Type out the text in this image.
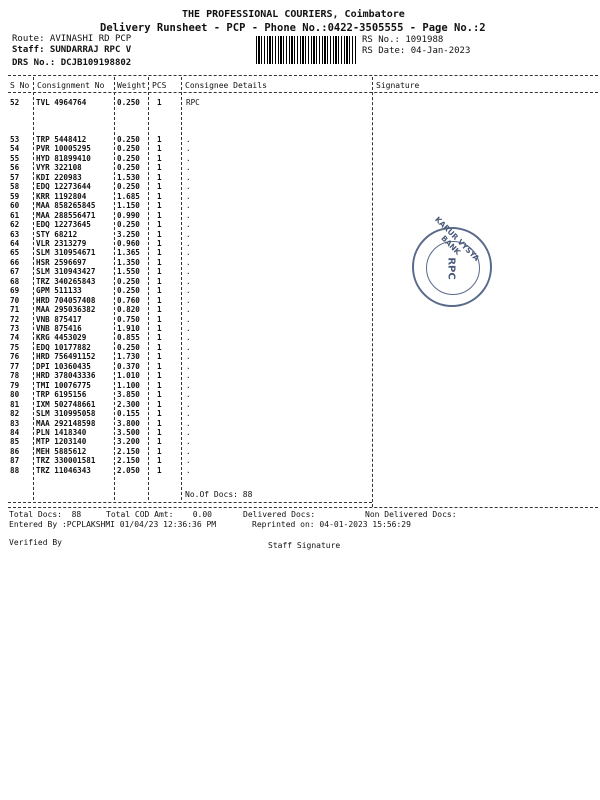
THE PROFESSIONAL COURIERS, Coimbatore
Delivery Runsheet - PCP - Phone No.:0422-3505555 - Page No.:2
Route: AVINASHI RD PCP
Staff: SUNDARRAJ RPC V
DRS No.: DCJB109198802
RS No.: 1091988
RS Date: 04-Jan-2023
S No Consignment No Weight PCS Consignee Details	Signature
52 TVL 4964764	0.250 1	RPC
53 TRP 5448412	0.250 1	.
54 PVR 10005295	0.250 1	.
55 HYD 81899410	0.250 1	.
56 VYR 322108	0.250 1	.
57 KDI 220983	1.530 1	.
58 EDQ 12273644	0.250 1	.
59 KRR 1192804	1.685 1	.
60 MAA 858265845	1.150 1	.
61 MAA 288556471	0.990 1	.
62 EDQ 12273645	0.250 1	.
63 STY 68212	3.250 1	.
64 VLR 2313279	0.960 1	.
65 SLM 310954671	1.365 1	.
66 HSR 2596697	1.350 1	.
67 SLM 310943427	1.550 1	.
68 TRZ 340265843	0.250 1	.
69 GPM 511133	0.250 1	.
70 HRD 704057408	0.760 1	.
71 MAA 295036382	0.820 1	.
72 VNB 875417	0.750 1	.
73 VNB 875416	1.910 1	.
74 KRG 4453029	0.855 1	.
75 EDQ 10177882	0.250 1	.
76 HRD 756491152	1.730 1	.
77 DPI 10360435	0.370 1	.
78 HRD 378043336	1.010 1	.
79 TMI 10076775	1.100 1	.
80 TRP 6195156	3.850 1	.
81 IXM 502748661	2.300 1	.
82 SLM 310995058	0.155 1	.
83 MAA 292148598	3.800 1	.
84 PLN 1418340	3.500 1	.
85 MTP 1203140	3.200 1	.
86 MEH 5885612	2.150 1	.
87 TRZ 330001581	2.150 1	.
88 TRZ 11046343	2.050 1	.
No.Of Docs: 88
RPC
KARUR VYSYA BANK
Total Docs:  88	Total COD Amt:    0.00	Delivered Docs:	Non Delivered Docs:
Entered By :PCPLAKSHMI 01/04/23 12:36:36 PM	Reprinted on: 04-01-2023 15:56:29
Verified By	Staff Signature
